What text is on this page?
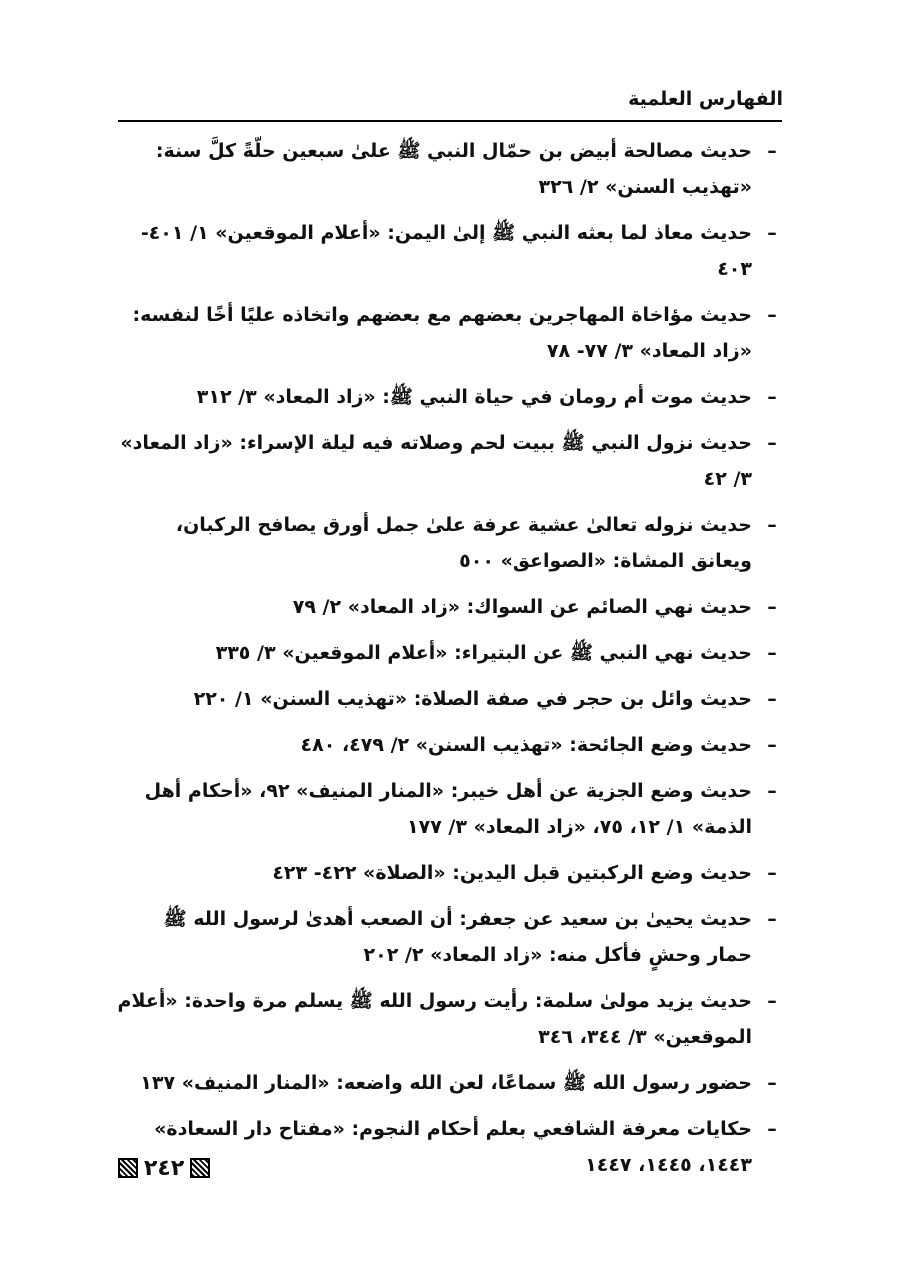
الفهارس العلمية
–
حديث مصالحة أبيض بن حمّال النبي ﷺ علىٰ سبعين حلّةً كلَّ سنة: «تهذيب السنن» ٢/ ٣٢٦
–
حديث معاذ لما بعثه النبي ﷺ إلىٰ اليمن: «أعلام الموقعين» ١/ ٤٠١- ٤٠٣
–
حديث مؤاخاة المهاجرين بعضهم مع بعضهم واتخاذه عليًا أخًا لنفسه: «زاد المعاد» ٣/ ٧٧- ٧٨
–
حديث موت أم رومان في حياة النبي ﷺ: «زاد المعاد» ٣/ ٣١٢
–
حديث نزول النبي ﷺ ببيت لحم وصلاته فيه ليلة الإسراء: «زاد المعاد» ٣/ ٤٢
–
حديث نزوله تعالىٰ عشية عرفة علىٰ جمل أورق يصافح الركبان، ويعانق المشاة: «الصواعق» ٥٠٠
–
حديث نهي الصائم عن السواك: «زاد المعاد» ٢/ ٧٩
–
حديث نهي النبي ﷺ عن البتيراء: «أعلام الموقعين» ٣/ ٣٣٥
–
حديث وائل بن حجر في صفة الصلاة: «تهذيب السنن» ١/ ٢٢٠
–
حديث وضع الجائحة: «تهذيب السنن» ٢/ ٤٧٩، ٤٨٠
–
حديث وضع الجزية عن أهل خيبر: «المنار المنيف» ٩٢، «أحكام أهل الذمة» ١/ ١٢، ٧٥، «زاد المعاد» ٣/ ١٧٧
–
حديث وضع الركبتين قبل اليدين: «الصلاة» ٤٢٢- ٤٢٣
–
حديث يحيىٰ بن سعيد عن جعفر: أن الصعب أهدىٰ لرسول الله ﷺ حمار وحشٍ فأكل منه: «زاد المعاد» ٢/ ٢٠٢
–
حديث يزيد مولىٰ سلمة: رأيت رسول الله ﷺ يسلم مرة واحدة: «أعلام الموقعين» ٣/ ٣٤٤، ٣٤٦
–
حضور رسول الله ﷺ سماعًا، لعن الله واضعه: «المنار المنيف» ١٣٧
–
حكايات معرفة الشافعي بعلم أحكام النجوم: «مفتاح دار السعادة» ١٤٤٣، ١٤٤٥، ١٤٤٧
٢٤٢
